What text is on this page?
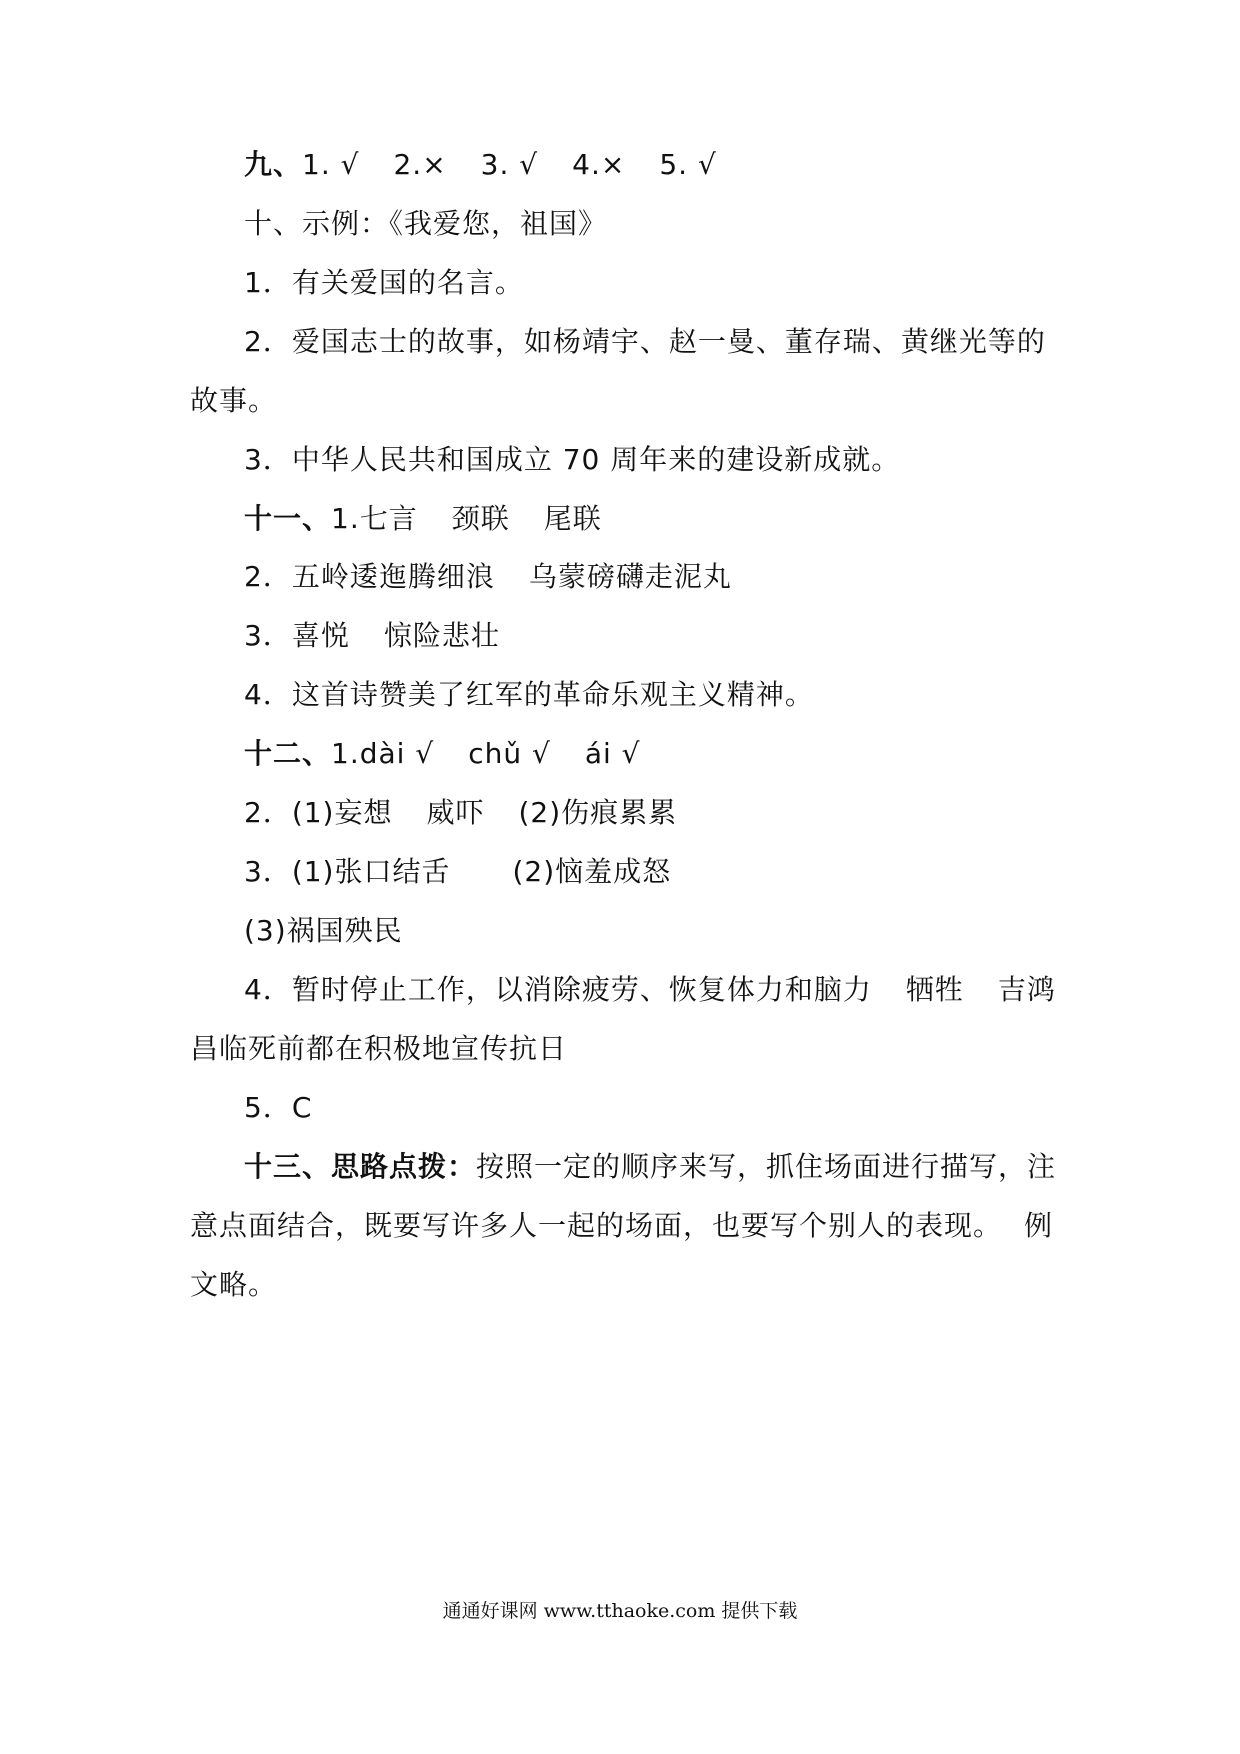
九、1. √ 2.× 3. √ 4.× 5. √
十、示例：《我爱您，祖国》
1．有关爱国的名言。
2．爱国志士的故事，如杨靖宇、赵一曼、董存瑞、黄继光等的
故事。
3．中华人民共和国成立 70 周年来的建设新成就。
十一、1.七言 颈联 尾联
2．五岭逶迤腾细浪 乌蒙磅礴走泥丸
3．喜悦 惊险悲壮
4．这首诗赞美了红军的革命乐观主义精神。
十二、1.dài √ chǔ √ ái √
2．(1)妄想 威吓 (2)伤痕累累
3．(1)张口结舌 (2)恼羞成怒
(3)祸国殃民
4．暂时停止工作，以消除疲劳、恢复体力和脑力 牺牲 吉鸿
昌临死前都在积极地宣传抗日
5．C
十三、思路点拨：按照一定的顺序来写，抓住场面进行描写，注
意点面结合，既要写许多人一起的场面，也要写个别人的表现。 例
文略。
通通好课网 www.tthaoke.com 提供下载
